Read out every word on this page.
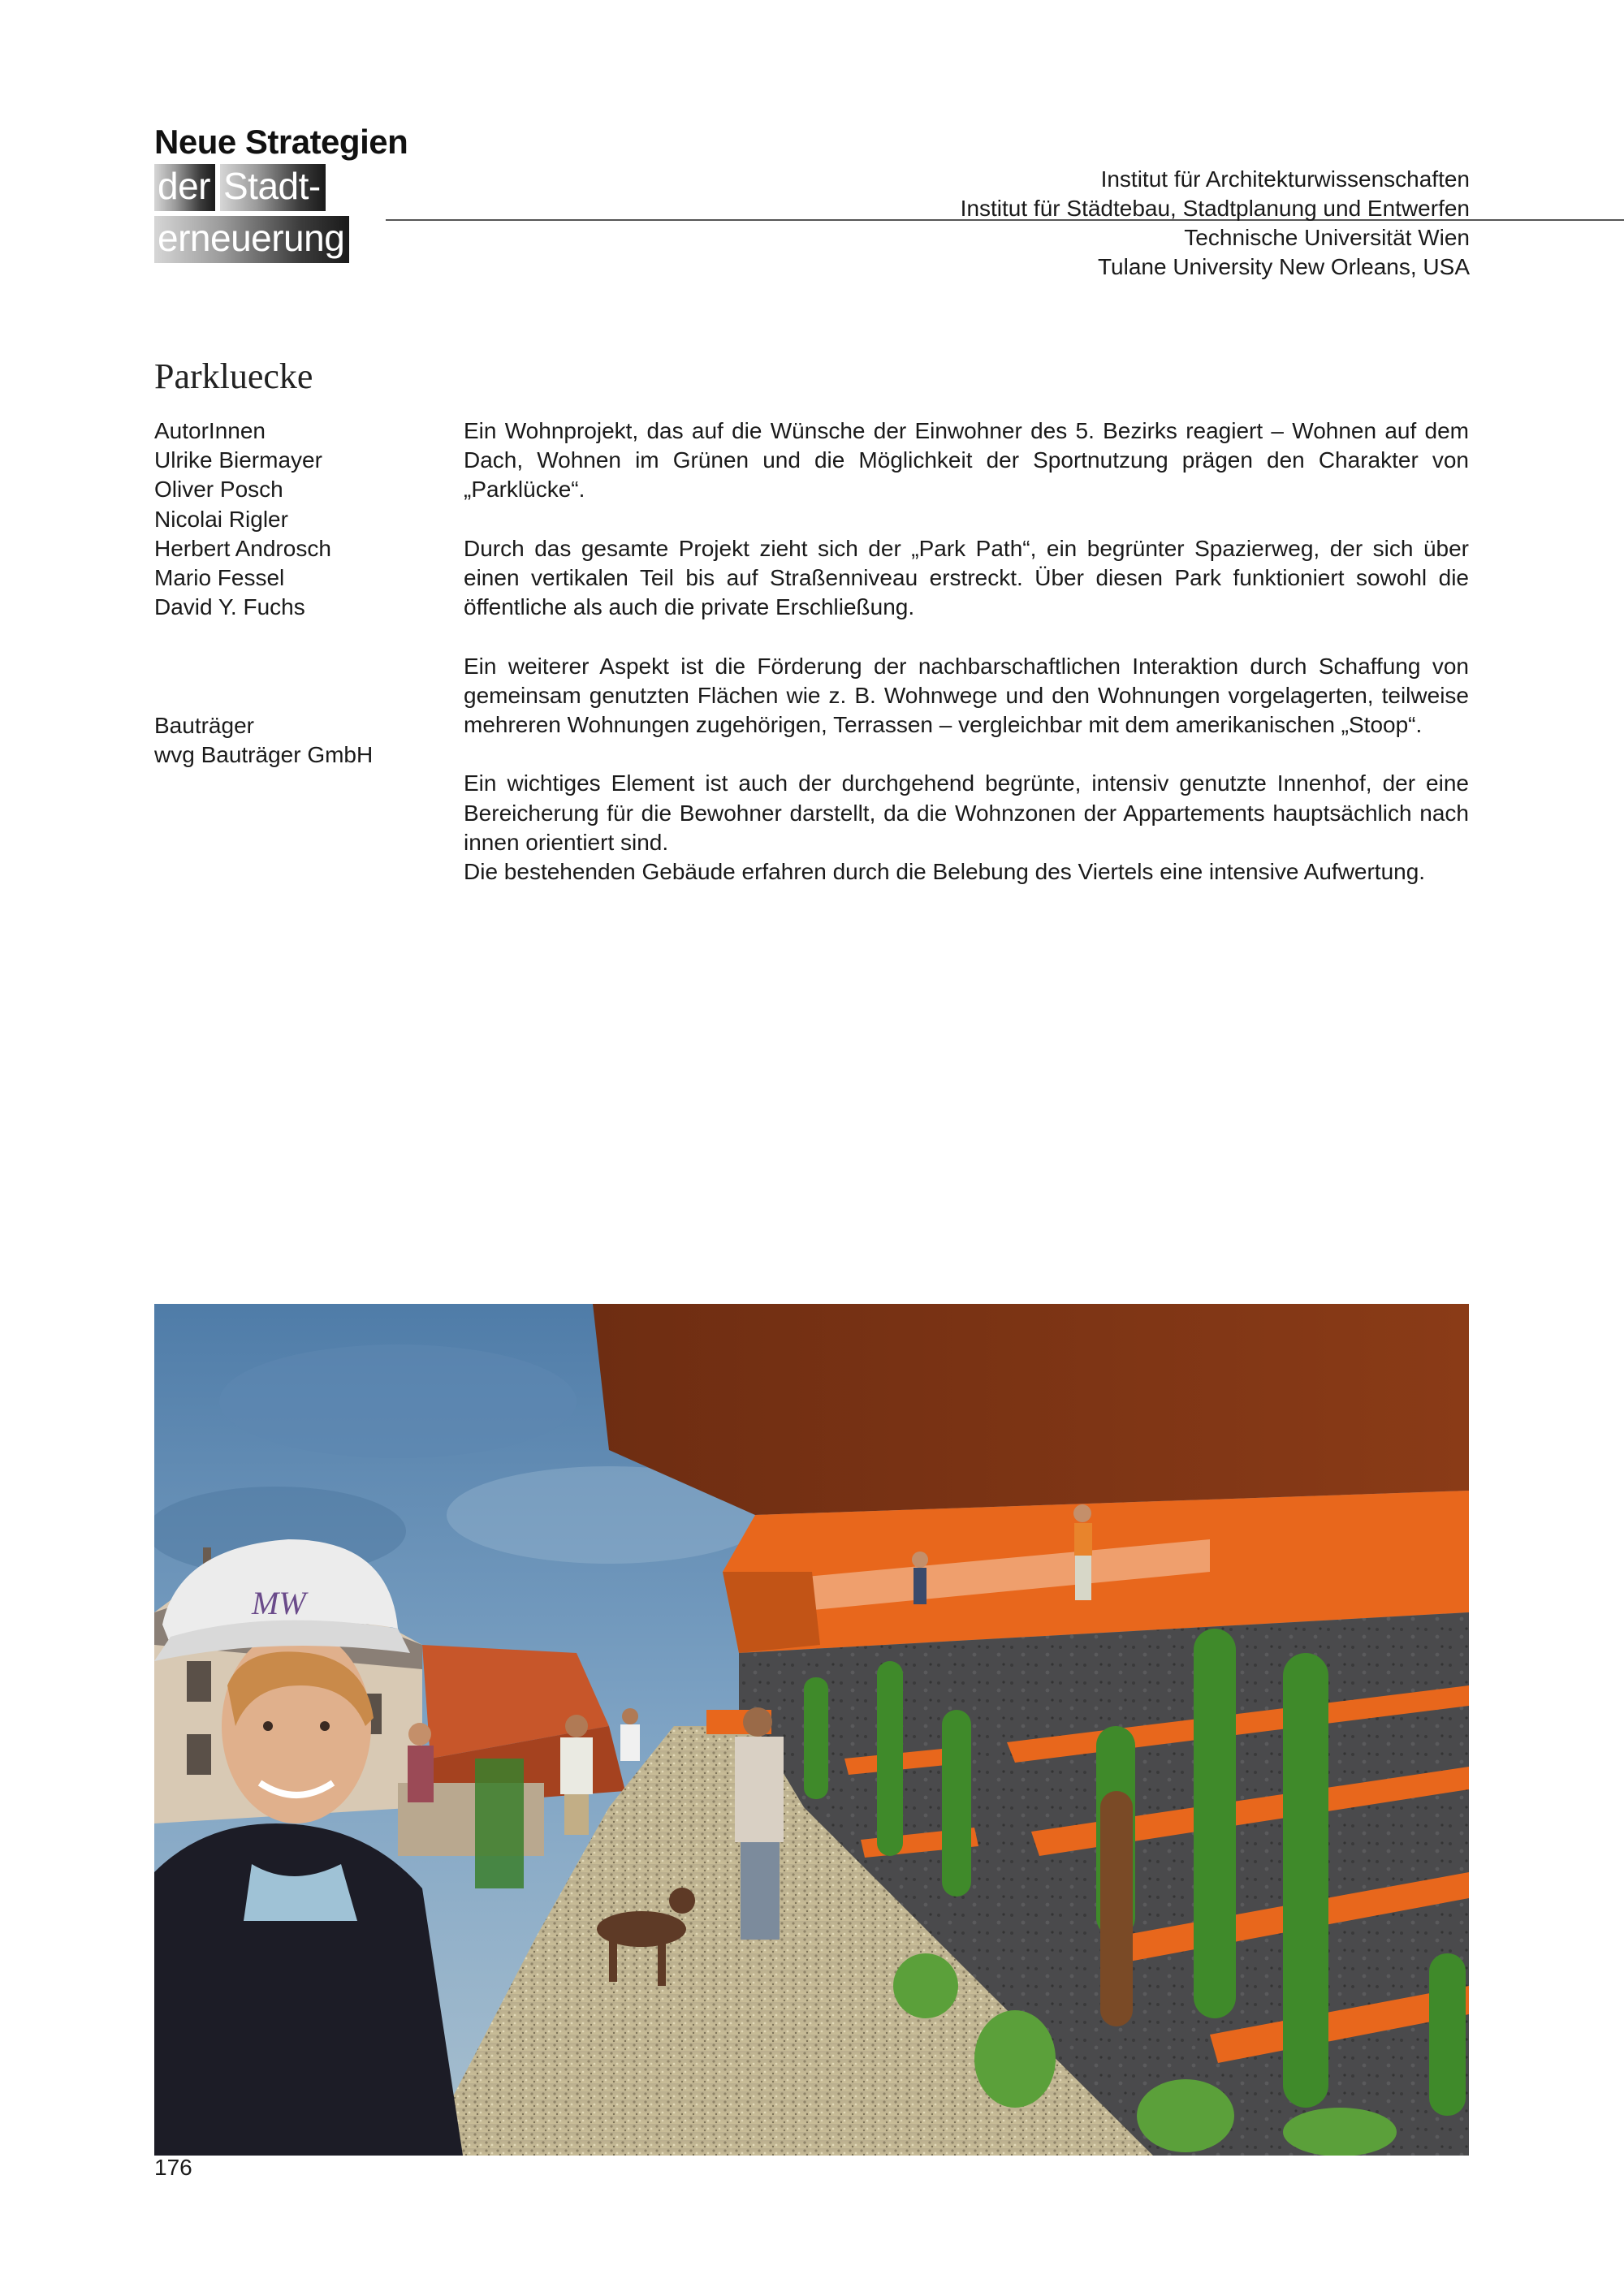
Neue Strategien
der Stadt-
erneuerung
Institut für Architekturwissenschaften
Institut für Städtebau, Stadtplanung und Entwerfen
Technische Universität Wien
Tulane University New Orleans, USA
Parkluecke
AutorInnen
Ulrike Biermayer
Oliver Posch
Nicolai Rigler
Herbert Androsch
Mario Fessel
David Y. Fuchs
Bauträger
wvg Bauträger GmbH

Ein Wohnprojekt, das auf die Wünsche der Einwohner des 5. Bezirks reagiert – Wohnen auf dem Dach, Wohnen im Grünen und die Möglichkeit der Sportnutzung prägen den Charakter von „Parklücke“.

Durch das gesamte Projekt zieht sich der „Park Path“, ein begrünter Spazierweg, der sich über einen vertikalen Teil bis auf Straßenniveau erstreckt. Über diesen Park funktioniert sowohl die öffentliche als auch die private Erschließung.

Ein weiterer Aspekt ist die Förderung der nachbarschaftlichen Interaktion durch Schaffung von gemeinsam genutzten Flächen wie z. B. Wohnwege und den Wohnungen vorgelagerten, teilweise mehreren Wohnungen zugehörigen, Terrassen – vergleichbar mit dem amerikanischen „Stoop“.

Ein wichtiges Element ist auch der durchgehend begrünte, intensiv genutzte Innenhof, der eine Bereicherung für die Bewohner darstellt, da die Wohnzonen der Appartements hauptsächlich nach innen orientiert sind.

Die bestehenden Gebäude erfahren durch die Belebung des Viertels eine intensive Aufwertung.

MW
176
